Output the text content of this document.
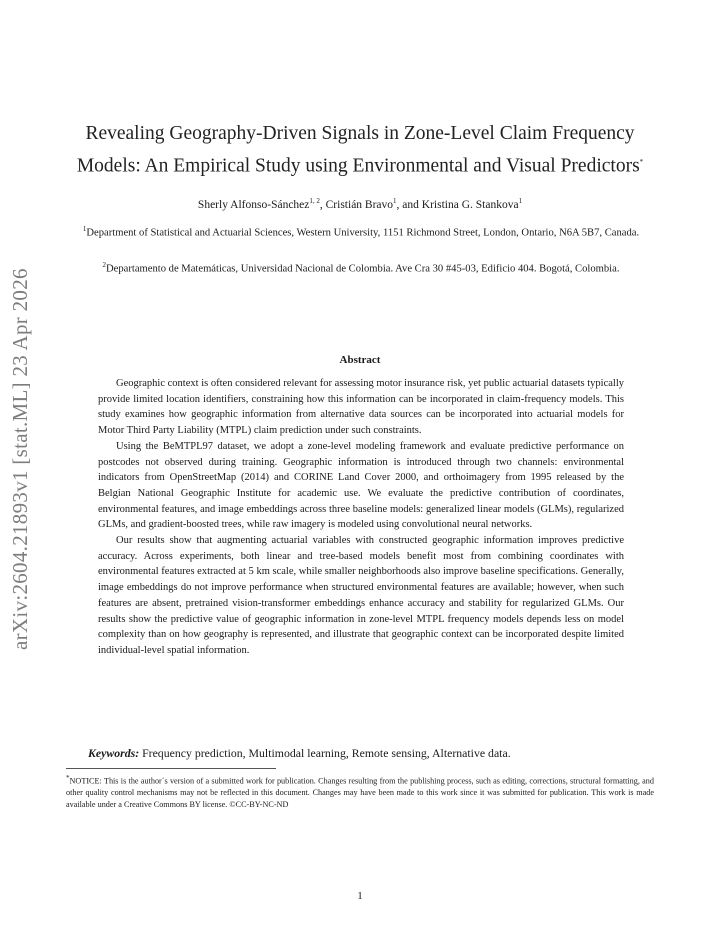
arXiv:2604.21893v1 [stat.ML] 23 Apr 2026
Revealing Geography-Driven Signals in Zone-Level Claim Frequency
Models: An Empirical Study using Environmental and Visual Predictors*
Sherly Alfonso-Sánchez$^{1, 2}$, Cristián Bravo$^1$, and Kristina G. Stankova$^1$
$^1$Department of Statistical and Actuarial Sciences, Western University, 1151 Richmond Street, London, Ontario, N6A 5B7, Canada.
$^2$Departamento de Matemáticas, Universidad Nacional de Colombia. Ave Cra 30 #45-03, Edificio 404. Bogotá, Colombia.
Abstract

Geographic context is often considered relevant for assessing motor insurance risk, yet public actuarial datasets typically provide limited location identifiers, constraining how this information can be incorporated in claim-frequency models. This study examines how geographic information from alternative data sources can be incorporated into actuarial models for Motor Third Party Liability (MTPL) claim prediction under such constraints.

Using the BeMTPL97 dataset, we adopt a zone-level modeling framework and evaluate predictive performance on postcodes not observed during training. Geographic information is introduced through two channels: environmental indicators from OpenStreetMap (2014) and CORINE Land Cover 2000, and orthoimagery from 1995 released by the Belgian National Geographic Institute for academic use. We evaluate the predictive contribution of coordinates, environmental features, and image embeddings across three baseline models: generalized linear models (GLMs), regularized GLMs, and gradient-boosted trees, while raw imagery is modeled using convolutional neural networks.

Our results show that augmenting actuarial variables with constructed geographic information improves predictive accuracy. Across experiments, both linear and tree-based models benefit most from combining coordinates with environmental features extracted at 5 km scale, while smaller neighborhoods also improve baseline specifications. Generally, image embeddings do not improve performance when structured environmental features are available; however, when such features are absent, pretrained vision-transformer embeddings enhance accuracy and stability for regularized GLMs. Our results show the predictive value of geographic information in zone-level MTPL frequency models depends less on model complexity than on how geography is represented, and illustrate that geographic context can be incorporated despite limited individual-level spatial information.

Keywords: Frequency prediction, Multimodal learning, Remote sensing, Alternative data.
*NOTICE: This is the author´s version of a submitted work for publication. Changes resulting from the publishing process, such as editing, corrections, structural formatting, and other quality control mechanisms may not be reflected in this document. Changes may have been made to this work since it was submitted for publication. This work is made available under a Creative Commons BY license. ©CC-BY-NC-ND
1
